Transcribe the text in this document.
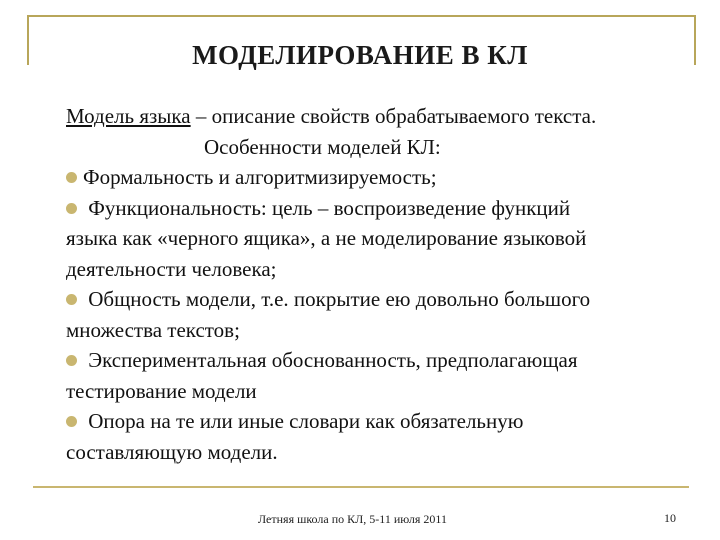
МОДЕЛИРОВАНИЕ В КЛ
Модель языка – описание свойств обрабатываемого текста.
Особенности моделей КЛ:
Формальность и алгоритмизируемость;
Функциональность: цель – воспроизведение функций
языка как «черного ящика», а не моделирование языковой
деятельности человека;
Общность модели, т.е. покрытие ею довольно большого
множества текстов;
Экспериментальная обоснованность, предполагающая
тестирование модели
Опора на те или иные словари как обязательную
составляющую модели.
Летняя школа по КЛ, 5-11 июля 2011	10
